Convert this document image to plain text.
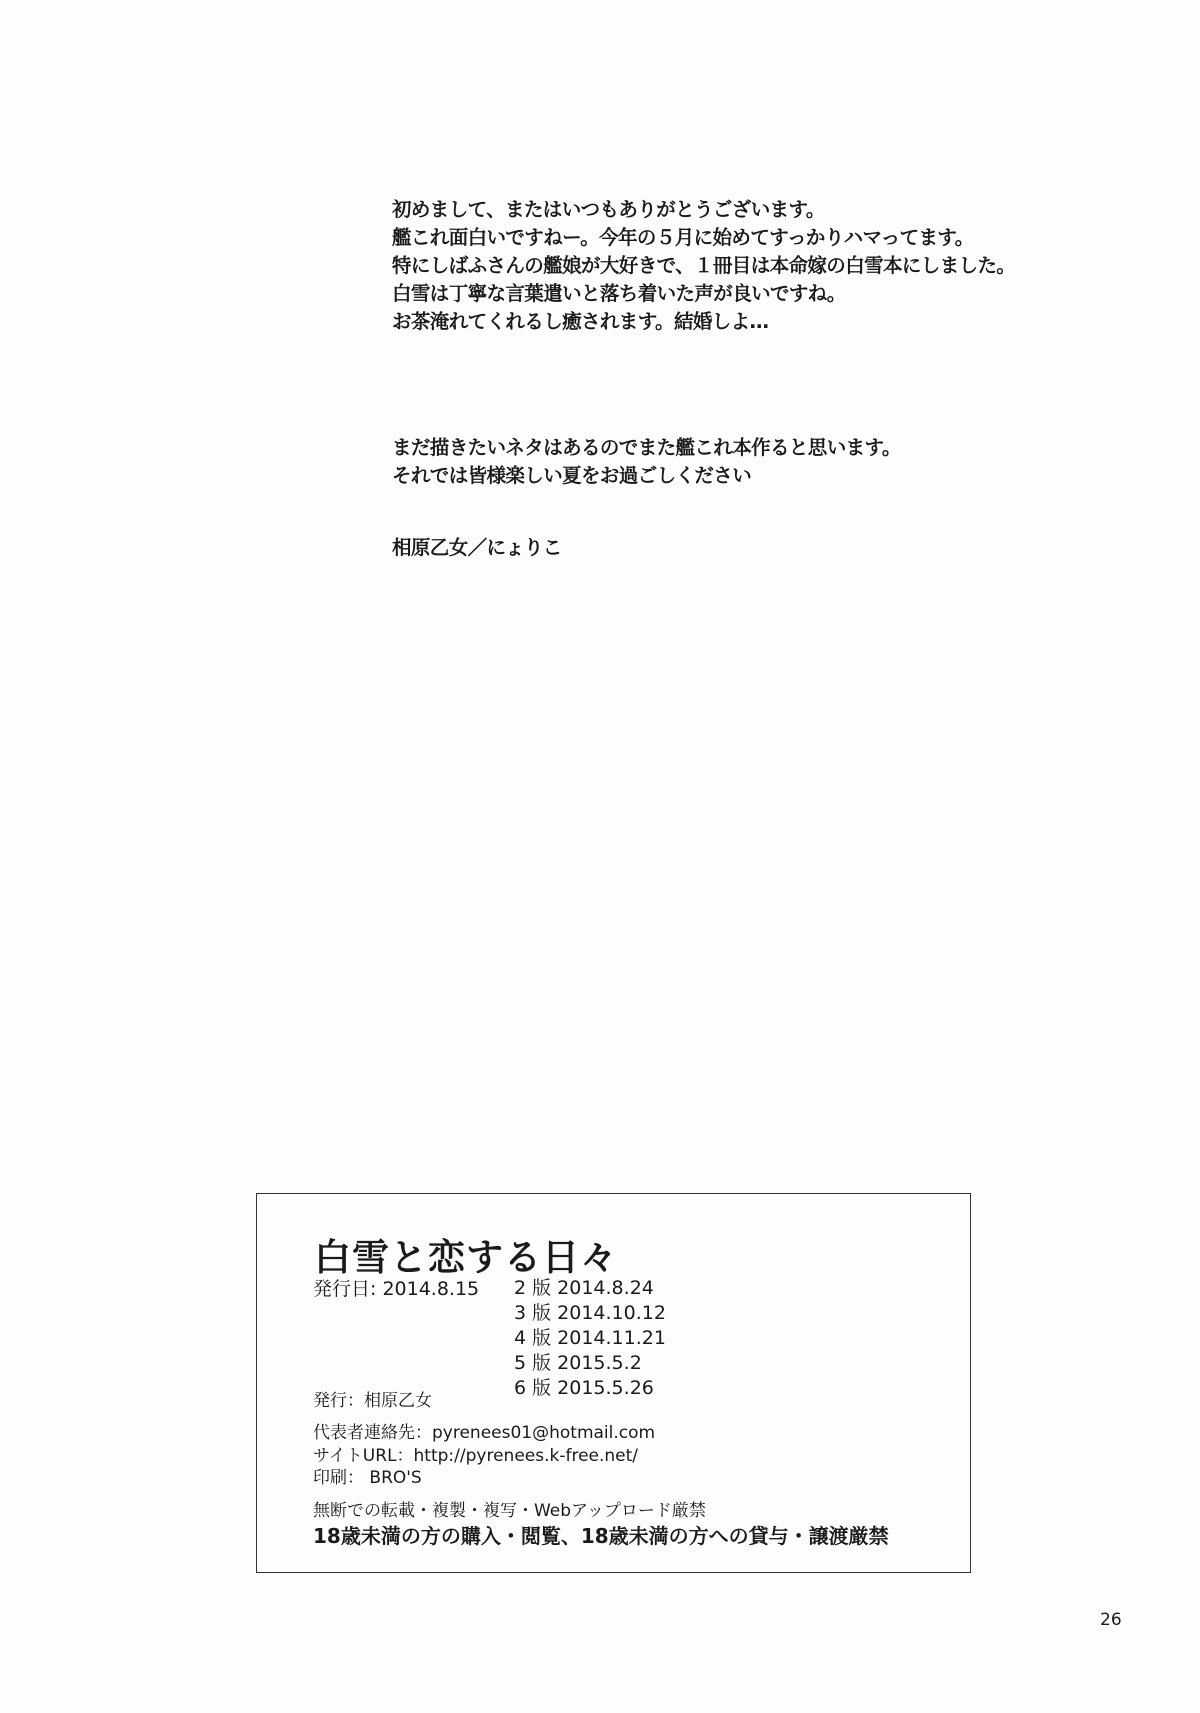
初めまして、またはいつもありがとうございます。
艦これ面白いですねー。今年の５月に始めてすっかりハマってます。
特にしばふさんの艦娘が大好きで、１冊目は本命嫁の白雪本にしました。
白雪は丁寧な言葉遣いと落ち着いた声が良いですね。
お茶淹れてくれるし癒されます。結婚しよ…
まだ描きたいネタはあるのでまた艦これ本作ると思います。
それでは皆様楽しい夏をお過ごしください
相原乙女／にょりこ
白雪と恋する日々
発行日: 2014.8.15 2 版 2014.8.24
3 版 2014.10.12
4 版 2014.11.21
5 版 2015.5.2
6 版 2015.5.26
発行：相原乙女
代表者連絡先：pyrenees01@hotmail.com
サイトURL：http://pyrenees.k-free.net/
印刷： BRO'S
無断での転載・複製・複写・Webアップロード厳禁
18歳未満の方の購入・閲覧、18歳未満の方への貸与・譲渡厳禁
26
